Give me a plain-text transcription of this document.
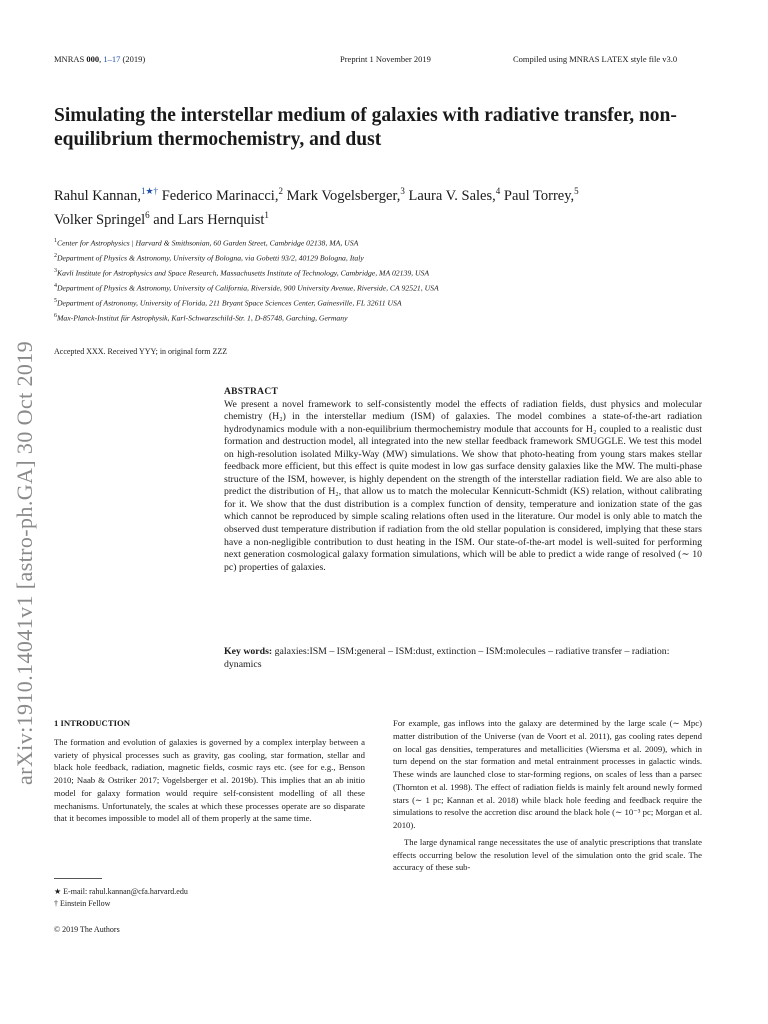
MNRAS 000, 1–17 (2019)	Preprint 1 November 2019	Compiled using MNRAS LATEX style file v3.0
arXiv:1910.14041v1 [astro-ph.GA] 30 Oct 2019
Simulating the interstellar medium of galaxies with radiative transfer, non-equilibrium thermochemistry, and dust
Rahul Kannan,$^{1★\dagger}$ Federico Marinacci,$^2$ Mark Vogelsberger,$^3$ Laura V. Sales,$^4$ Paul Torrey,$^5$
Volker Springel$^6$ and Lars Hernquist$^1$
$^1$Center for Astrophysics | Harvard & Smithsonian, 60 Garden Street, Cambridge 02138, MA, USA
$^2$Department of Physics & Astronomy, University of Bologna, via Gobetti 93/2, 40129 Bologna, Italy
$^3$Kavli Institute for Astrophysics and Space Research, Massachusetts Institute of Technology, Cambridge, MA 02139, USA
$^4$Department of Physics & Astronomy, University of California, Riverside, 900 University Avenue, Riverside, CA 92521, USA
$^5$Department of Astronomy, University of Florida, 211 Bryant Space Sciences Center, Gainesville, FL 32611 USA
$^6$Max-Planck-Institut für Astrophysik, Karl-Schwarzschild-Str. 1, D-85748, Garching, Germany
Accepted XXX. Received YYY; in original form ZZZ
ABSTRACT
We present a novel framework to self-consistently model the effects of radiation fields, dust physics and molecular chemistry (H₂) in the interstellar medium (ISM) of galaxies. The model combines a state-of-the-art radiation hydrodynamics module with a non-equilibrium thermochemistry module that accounts for H₂ coupled to a realistic dust formation and destruction model, all integrated into the new stellar feedback framework SMUGGLE. We test this model on high-resolution isolated Milky-Way (MW) simulations. We show that photo-heating from young stars makes stellar feedback more efficient, but this effect is quite modest in low gas surface density galaxies like the MW. The multi-phase structure of the ISM, however, is highly dependent on the strength of the interstellar radiation field. We are also able to predict the distribution of H₂, that allow us to match the molecular Kennicutt-Schmidt (KS) relation, without calibrating for it. We show that the dust distribution is a complex function of density, temperature and ionization state of the gas which cannot be reproduced by simple scaling relations often used in the literature. Our model is only able to match the observed dust temperature distribution if radiation from the old stellar population is considered, implying that these stars have a non-negligible contribution to dust heating in the ISM. Our state-of-the-art model is well-suited for performing next generation cosmological galaxy formation simulations, which will be able to predict a wide range of resolved (∼ 10 pc) properties of galaxies.
Key words: galaxies:ISM – ISM:general – ISM:dust, extinction – ISM:molecules – radiative transfer – radiation: dynamics
1 INTRODUCTION

The formation and evolution of galaxies is governed by a complex interplay between a variety of physical processes such as gravity, gas cooling, star formation, stellar and black hole feedback, radiation, magnetic fields, cosmic rays etc. (see for e.g., Benson 2010; Naab & Ostriker 2017; Vogelsberger et al. 2019b). This implies that an ab initio model for galaxy formation would require self-consistent modelling of all these mechanisms. Unfortunately, the scales at which these processes operate are so disparate that it becomes impossible to model all of them properly at the same time.

For example, gas inflows into the galaxy are determined by the large scale (∼ Mpc) matter distribution of the Universe (van de Voort et al. 2011), gas cooling rates depend on local gas densities, temperatures and metallicities (Wiersma et al. 2009), which in turn depend on the star formation and metal entrainment processes in galactic winds. These winds are launched close to star-forming regions, on scales of less than a parsec (Thornton et al. 1998). The effect of radiation fields is mainly felt around newly formed stars (∼ 1 pc; Kannan et al. 2018) while black hole feeding and feedback require the simulations to resolve the accretion disc around the black hole (∼ 10⁻³ pc; Morgan et al. 2010).

The large dynamical range necessitates the use of analytic prescriptions that translate effects occurring below the resolution level of the simulation onto the grid scale. The accuracy of these sub-

★ E-mail: rahul.kannan@cfa.harvard.edu
† Einstein Fellow
© 2019 The Authors
